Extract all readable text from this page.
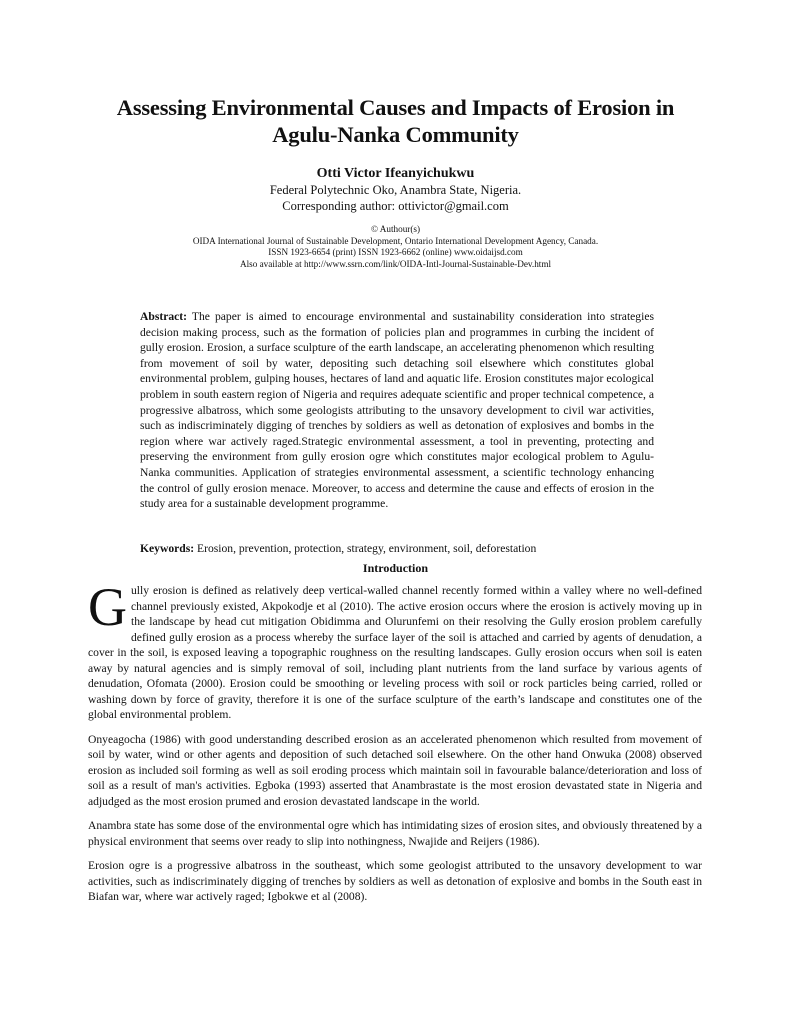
Assessing Environmental Causes and Impacts of Erosion in
Agulu-Nanka Community
Otti Victor Ifeanyichukwu
Federal Polytechnic Oko, Anambra State, Nigeria.
Corresponding author: ottivictor@gmail.com
© Authour(s)
OIDA International Journal of Sustainable Development, Ontario International Development Agency, Canada.
ISSN 1923-6654 (print) ISSN 1923-6662 (online) www.oidaijsd.com
Also available at http://www.ssrn.com/link/OIDA-Intl-Journal-Sustainable-Dev.html
Abstract: The paper is aimed to encourage environmental and sustainability consideration into strategies decision making process, such as the formation of policies plan and programmes in curbing the incident of gully erosion. Erosion, a surface sculpture of the earth landscape, an accelerating phenomenon which resulting from movement of soil by water, depositing such detaching soil elsewhere which constitutes global environmental problem, gulping houses, hectares of land and aquatic life. Erosion constitutes major ecological problem in south eastern region of Nigeria and requires adequate scientific and proper technical competence, a progressive albatross, which some geologists attributing to the unsavory development to civil war activities, such as indiscriminately digging of trenches by soldiers as well as detonation of explosives and bombs in the region where war actively raged.Strategic environmental assessment, a tool in preventing, protecting and preserving the environment from gully erosion ogre which constitutes major ecological problem to Agulu-Nanka communities. Application of strategies environmental assessment, a scientific technology enhancing the control of gully erosion menace. Moreover, to access and determine the cause and effects of erosion in the study area for a sustainable development programme.
Keywords: Erosion, prevention, protection, strategy, environment, soil, deforestation
Introduction

Gully erosion is defined as relatively deep vertical-walled channel recently formed within a valley where no well-defined channel previously existed, Akpokodje et al (2010). The active erosion occurs where the erosion is actively moving up in the landscape by head cut mitigation Obidimma and Olurunfemi on their resolving the Gully erosion problem carefully defined gully erosion as a process whereby the surface layer of the soil is attached and carried by agents of denudation, a cover in the soil, is exposed leaving a topographic roughness on the resulting landscapes. Gully erosion occurs when soil is eaten away by natural agencies and is simply removal of soil, including plant nutrients from the land surface by various agents of denudation, Ofomata (2000). Erosion could be smoothing or leveling process with soil or rock particles being carried, rolled or washing down by force of gravity, therefore it is one of the surface sculpture of the earth’s landscape and constitutes one of the global environmental problem.

Onyeagocha (1986) with good understanding described erosion as an accelerated phenomenon which resulted from movement of soil by water, wind or other agents and deposition of such detached soil elsewhere. On the other hand Onwuka (2008) observed erosion as included soil forming as well as soil eroding process which maintain soil in favourable balance/deterioration and loss of soil as a result of man's activities. Egboka (1993) asserted that Anambrastate is the most erosion devastated state in Nigeria and adjudged as the most erosion prumed and erosion devastated landscape in the world.

Anambra state has some dose of the environmental ogre which has intimidating sizes of erosion sites, and obviously threatened by a physical environment that seems over ready to slip into nothingness, Nwajide and Reijers (1986).

Erosion ogre is a progressive albatross in the southeast, which some geologist attributed to the unsavory development to war activities, such as indiscriminately digging of trenches by soldiers as well as detonation of explosive and bombs in the South east in Biafan war, where war actively raged; Igbokwe et al (2008).
